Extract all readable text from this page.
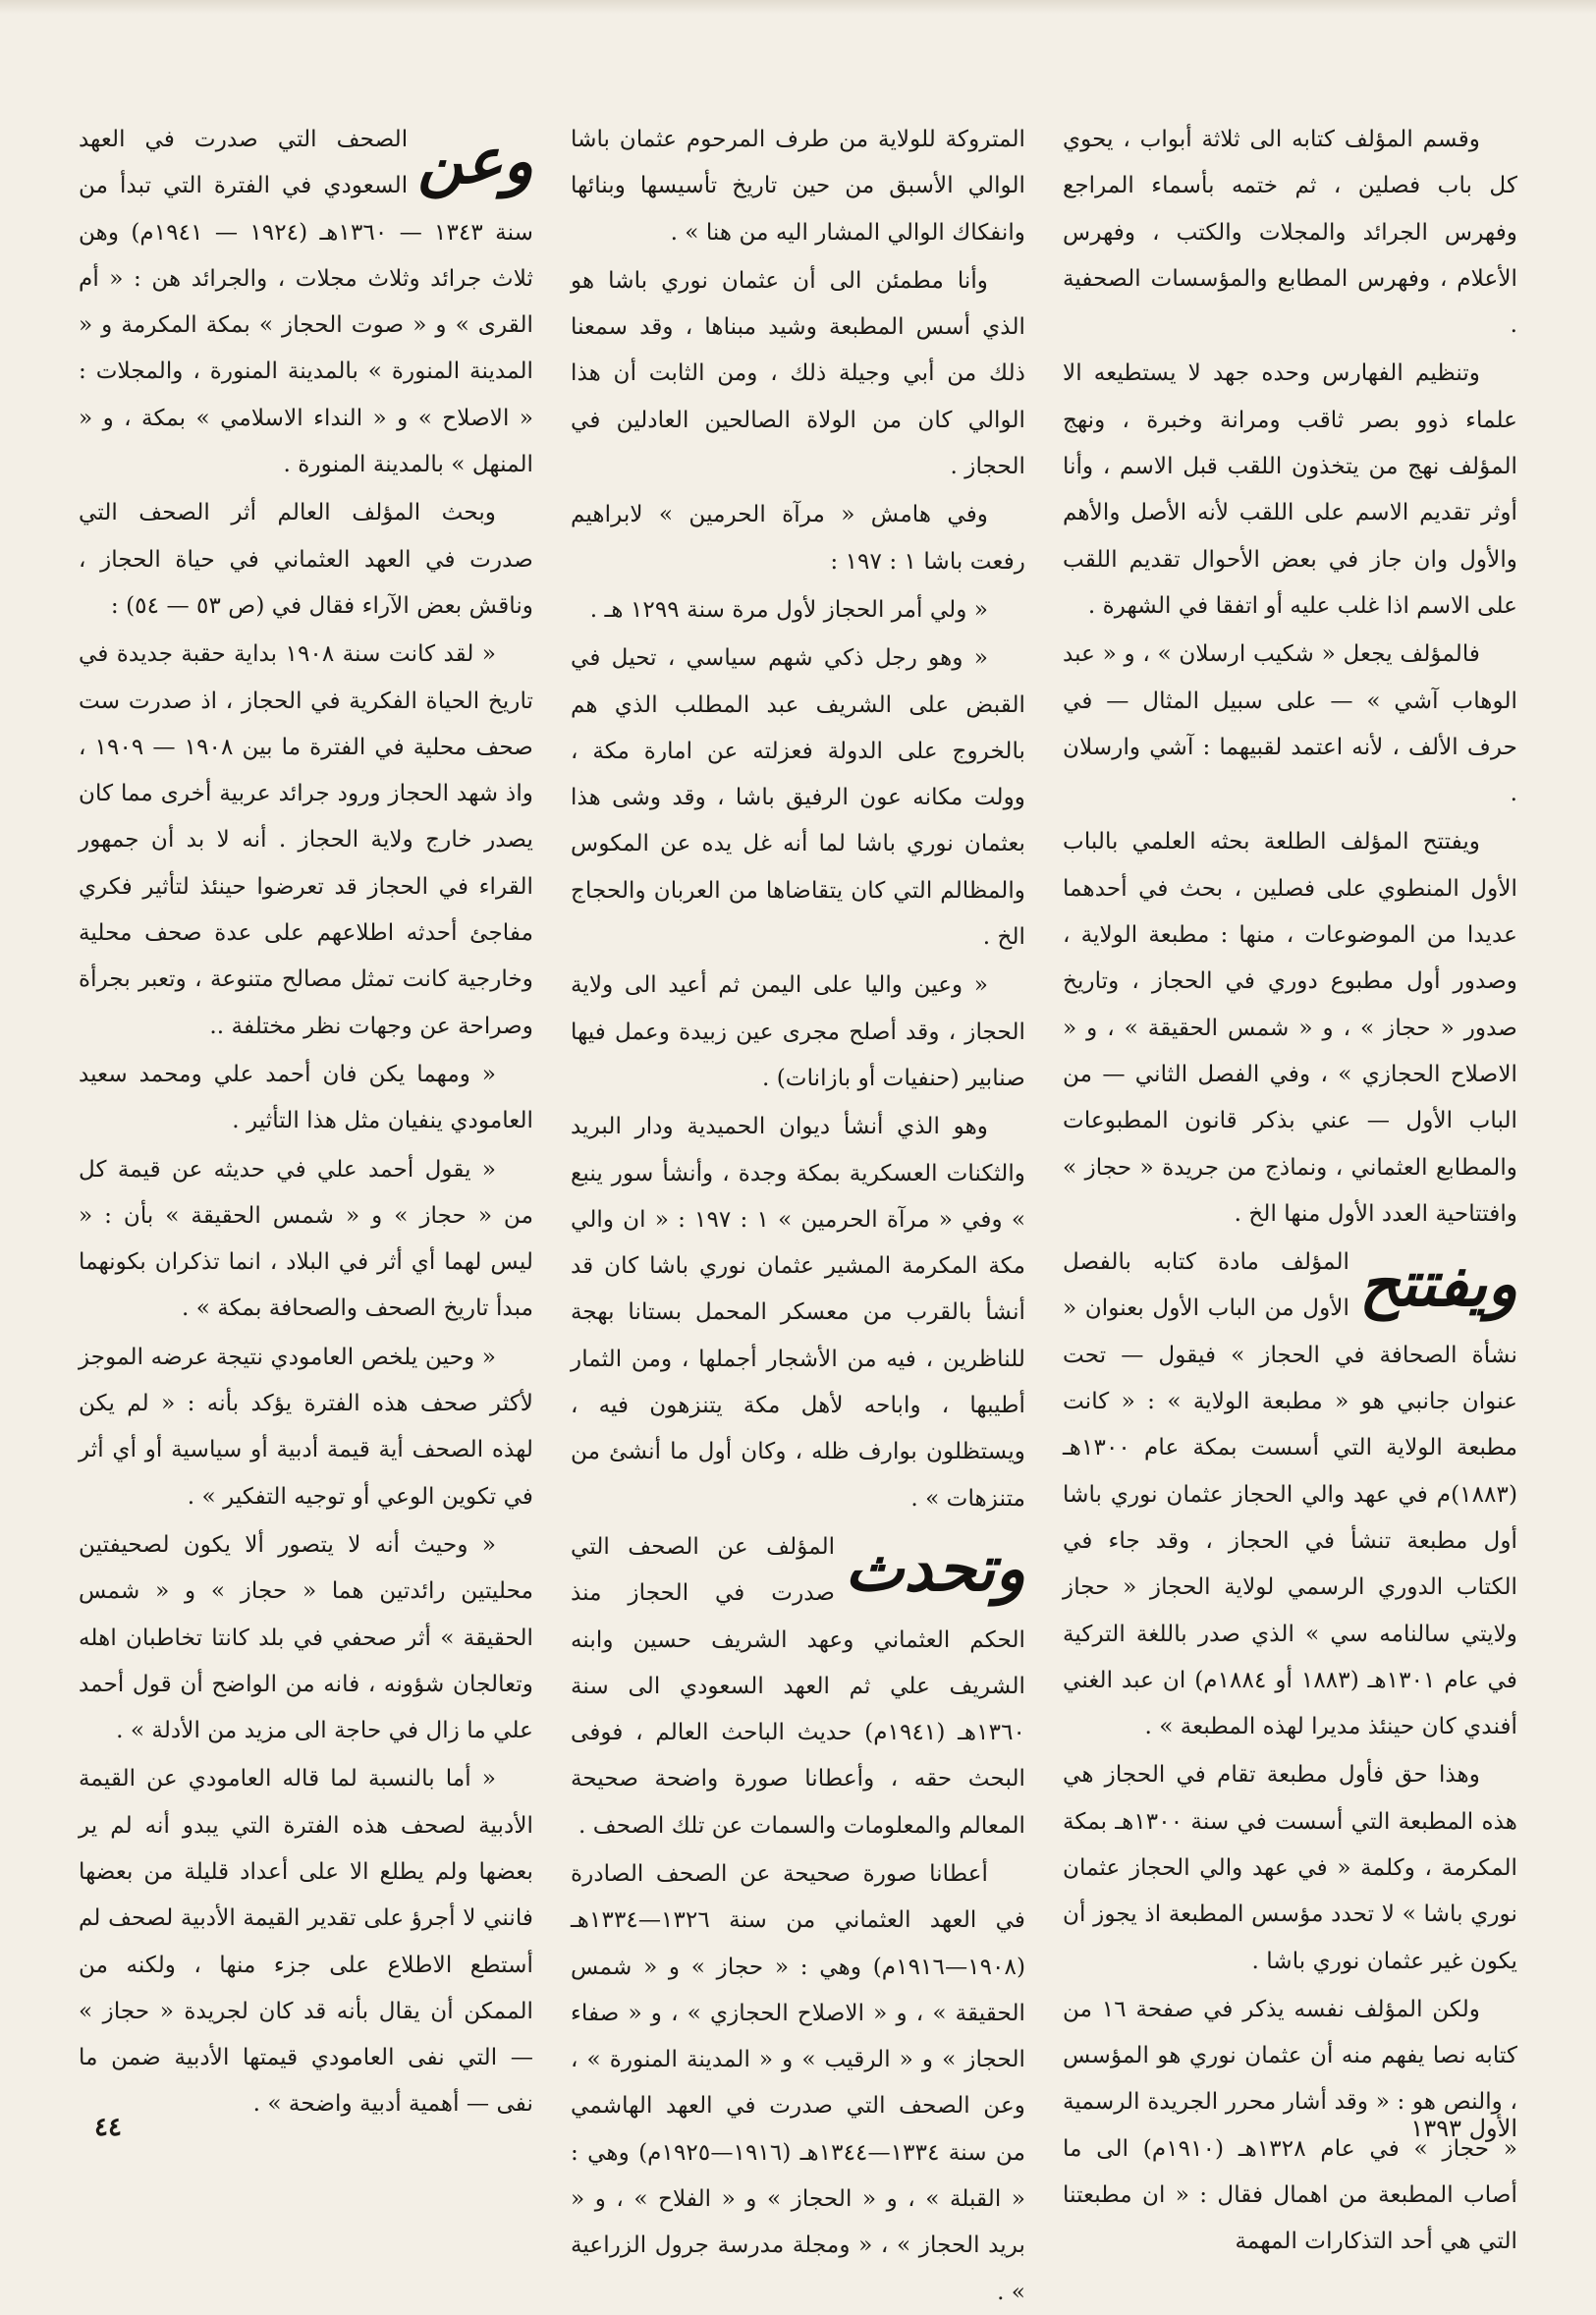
وقسم المؤلف كتابه الى ثلاثة أبواب ، يحوي كل باب فصلين ، ثم ختمه بأسماء المراجع وفهرس الجرائد والمجلات والكتب ، وفهرس الأعلام ، وفهرس المطابع والمؤسسات الصحفية .

وتنظيم الفهارس وحده جهد لا يستطيعه الا علماء ذوو بصر ثاقب ومرانة وخبرة ، ونهج المؤلف نهج من يتخذون اللقب قبل الاسم ، وأنا أوثر تقديم الاسم على اللقب لأنه الأصل والأهم والأول وان جاز في بعض الأحوال تقديم اللقب على الاسم اذا غلب عليه أو اتفقا في الشهرة .

فالمؤلف يجعل « شكيب ارسلان » ، و « عبد الوهاب آشي » — على سبيل المثال — في حرف الألف ، لأنه اعتمد لقبيهما : آشي وارسلان .

ويفتتح المؤلف الطلعة بحثه العلمي بالباب الأول المنطوي على فصلين ، بحث في أحدهما عديدا من الموضوعات ، منها : مطبعة الولاية ، وصدور أول مطبوع دوري في الحجاز ، وتاريخ صدور « حجاز » ، و « شمس الحقيقة » ، و « الاصلاح الحجازي » ، وفي الفصل الثاني — من الباب الأول — عني بذكر قانون المطبوعات والمطابع العثماني ، ونماذج من جريدة « حجاز » وافتتاحية العدد الأول منها الخ .

ويفتتح
المؤلف مادة كتابه بالفصل الأول من الباب الأول بعنوان « نشأة الصحافة في الحجاز » فيقول — تحت عنوان جانبي هو « مطبعة الولاية » : « كانت مطبعة الولاية التي أسست بمكة عام ١٣٠٠هـ (١٨٨٣)م في عهد والي الحجاز عثمان نوري باشا أول مطبعة تنشأ في الحجاز ، وقد جاء في الكتاب الدوري الرسمي لولاية الحجاز « حجاز ولايتي سالنامه سي » الذي صدر باللغة التركية في عام ١٣٠١هـ (١٨٨٣ أو ١٨٨٤م) ان عبد الغني أفندي كان حينئذ مديرا لهذه المطبعة » .

وهذا حق فأول مطبعة تقام في الحجاز هي هذه المطبعة التي أسست في سنة ١٣٠٠هـ بمكة المكرمة ، وكلمة « في عهد والي الحجاز عثمان نوري باشا » لا تحدد مؤسس المطبعة اذ يجوز أن يكون غير عثمان نوري باشا .

ولكن المؤلف نفسه يذكر في صفحة ١٦ من كتابه نصا يفهم منه أن عثمان نوري هو المؤسس ، والنص هو : « وقد أشار محرر الجريدة الرسمية « حجاز » في عام ١٣٢٨هـ (١٩١٠م) الى ما أصاب المطبعة من اهمال فقال : « ان مطبعتنا التي هي أحد التذكارات المهمة

المتروكة للولاية من طرف المرحوم عثمان باشا الوالي الأسبق من حين تاريخ تأسيسها وبنائها وانفكاك الوالي المشار اليه من هنا » .

وأنا مطمئن الى أن عثمان نوري باشا هو الذي أسس المطبعة وشيد مبناها ، وقد سمعنا ذلك من أبي وجيلة ذلك ، ومن الثابت أن هذا الوالي كان من الولاة الصالحين العادلين في الحجاز .

وفي هامش « مرآة الحرمين » لابراهيم رفعت باشا ١ : ١٩٧ :

« ولي أمر الحجاز لأول مرة سنة ١٢٩٩ هـ .

« وهو رجل ذكي شهم سياسي ، تحيل في القبض على الشريف عبد المطلب الذي هم بالخروج على الدولة فعزلته عن امارة مكة ، وولت مكانه عون الرفيق باشا ، وقد وشى هذا بعثمان نوري باشا لما أنه غل يده عن المكوس والمظالم التي كان يتقاضاها من العربان والحجاج الخ .

« وعين واليا على اليمن ثم أعيد الى ولاية الحجاز ، وقد أصلح مجرى عين زبيدة وعمل فيها صنابير (حنفيات أو بازانات) .

وهو الذي أنشأ ديوان الحميدية ودار البريد والثكنات العسكرية بمكة وجدة ، وأنشأ سور ينبع » وفي « مرآة الحرمين » ١ : ١٩٧ : « ان والي مكة المكرمة المشير عثمان نوري باشا كان قد أنشأ بالقرب من معسكر المحمل بستانا بهجة للناظرين ، فيه من الأشجار أجملها ، ومن الثمار أطيبها ، واباحه لأهل مكة يتنزهون فيه ، ويستظلون بوارف ظله ، وكان أول ما أنشئ من متنزهات » .

وتحدث
المؤلف عن الصحف التي صدرت في الحجاز منذ الحكم العثماني وعهد الشريف حسين وابنه الشريف علي ثم العهد السعودي الى سنة ١٣٦٠هـ (١٩٤١م) حديث الباحث العالم ، فوفى البحث حقه ، وأعطانا صورة واضحة صحيحة المعالم والمعلومات والسمات عن تلك الصحف .

أعطانا صورة صحيحة عن الصحف الصادرة في العهد العثماني من سنة ١٣٢٦—١٣٣٤هـ (١٩٠٨—١٩١٦م) وهي : « حجاز » و « شمس الحقيقة » ، و « الاصلاح الحجازي » ، و « صفاء الحجاز » و « الرقيب » و « المدينة المنورة » ، وعن الصحف التي صدرت في العهد الهاشمي من سنة ١٣٣٤—١٣٤٤هـ (١٩١٦—١٩٢٥م) وهي : « القبلة » ، و « الحجاز » و « الفلاح » ، و « بريد الحجاز » ، « ومجلة مدرسة جرول الزراعية » .

وعن
الصحف التي صدرت في العهد السعودي في الفترة التي تبدأ من سنة ١٣٤٣ — ١٣٦٠هـ (١٩٢٤ — ١٩٤١م) وهن ثلاث جرائد وثلاث مجلات ، والجرائد هن : « أم القرى » و « صوت الحجاز » بمكة المكرمة و « المدينة المنورة » بالمدينة المنورة ، والمجلات : « الاصلاح » و « النداء الاسلامي » بمكة ، و « المنهل » بالمدينة المنورة .

وبحث المؤلف العالم أثر الصحف التي صدرت في العهد العثماني في حياة الحجاز ، وناقش بعض الآراء فقال في (ص ٥٣ — ٥٤) :

« لقد كانت سنة ١٩٠٨ بداية حقبة جديدة في تاريخ الحياة الفكرية في الحجاز ، اذ صدرت ست صحف محلية في الفترة ما بين ١٩٠٨ — ١٩٠٩ ، واذ شهد الحجاز ورود جرائد عربية أخرى مما كان يصدر خارج ولاية الحجاز . أنه لا بد أن جمهور القراء في الحجاز قد تعرضوا حينئذ لتأثير فكري مفاجئ أحدثه اطلاعهم على عدة صحف محلية وخارجية كانت تمثل مصالح متنوعة ، وتعبر بجرأة وصراحة عن وجهات نظر مختلفة ..

« ومهما يكن فان أحمد علي ومحمد سعيد العامودي ينفيان مثل هذا التأثير .

« يقول أحمد علي في حديثه عن قيمة كل من « حجاز » و « شمس الحقيقة » بأن : « ليس لهما أي أثر في البلاد ، انما تذكران بكونهما مبدأ تاريخ الصحف والصحافة بمكة » .

« وحين يلخص العامودي نتيجة عرضه الموجز لأكثر صحف هذه الفترة يؤكد بأنه : « لم يكن لهذه الصحف أية قيمة أدبية أو سياسية أو أي أثر في تكوين الوعي أو توجيه التفكير » .

« وحيث أنه لا يتصور ألا يكون لصحيفتين محليتين رائدتين هما « حجاز » و « شمس الحقيقة » أثر صحفي في بلد كانتا تخاطبان اهله وتعالجان شؤونه ، فانه من الواضح أن قول أحمد علي ما زال في حاجة الى مزيد من الأدلة » .

« أما بالنسبة لما قاله العامودي عن القيمة الأدبية لصحف هذه الفترة التي يبدو أنه لم ير بعضها ولم يطلع الا على أعداد قليلة من بعضها فانني لا أجرؤ على تقدير القيمة الأدبية لصحف لم أستطع الاطلاع على جزء منها ، ولكنه من الممكن أن يقال بأنه قد كان لجريدة « حجاز » — التي نفى العامودي قيمتها الأدبية ضمن ما نفى — أهمية أدبية واضحة » .

٤٤	الأول ١٣٩٣
